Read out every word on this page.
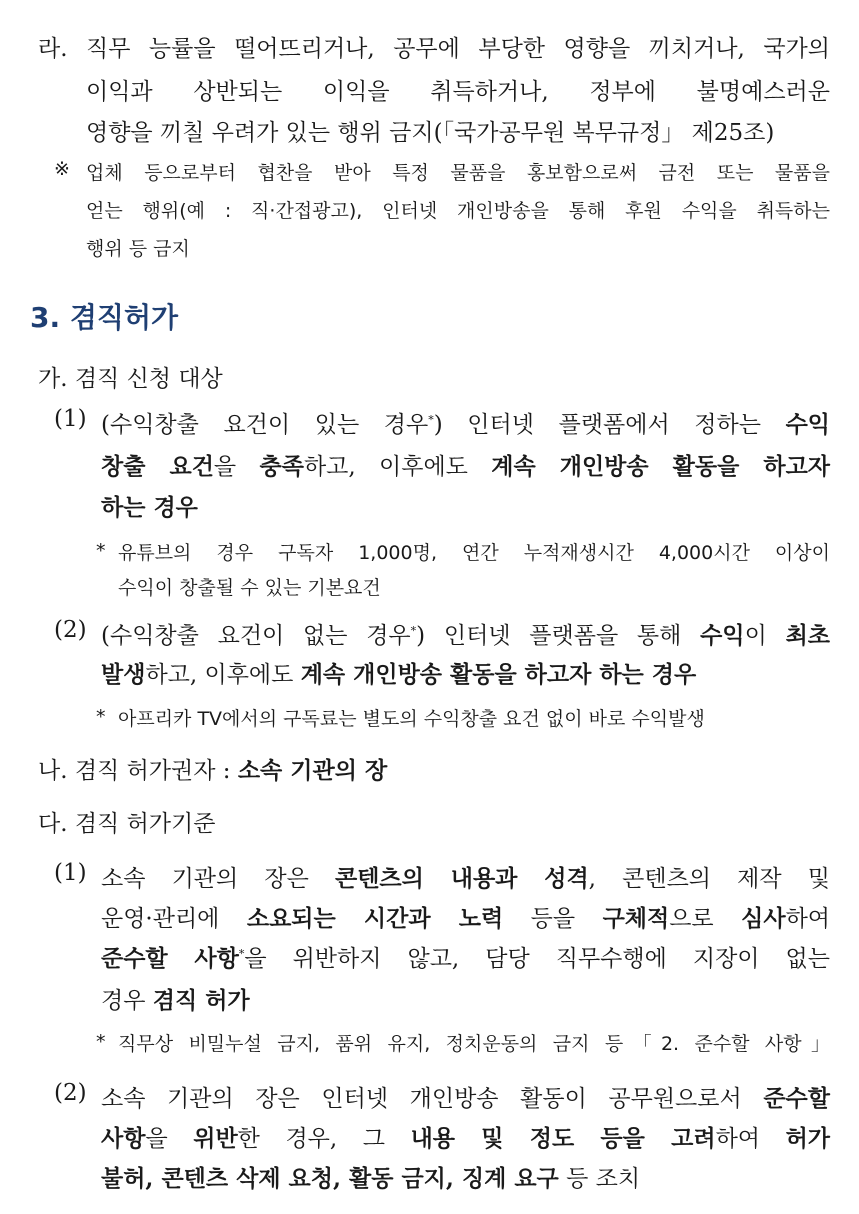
라. 직무 능률을 떨어뜨리거나, 공무에 부당한 영향을 끼치거나, 국가의
이익과 상반되는 이익을 취득하거나, 정부에 불명예스러운
영향을 끼칠 우려가 있는 행위 금지(「국가공무원 복무규정」 제25조)
※ 업체 등으로부터 협찬을 받아 특정 물품을 홍보함으로써 금전 또는 물품을
얻는 행위(예 : 직·간접광고), 인터넷 개인방송을 통해 후원 수익을 취득하는
행위 등 금지
3. 겸직허가
가. 겸직 신청 대상
(1) (수익창출 요건이 있는 경우*) 인터넷 플랫폼에서 정하는 수익
창출 요건을 충족하고, 이후에도 계속 개인방송 활동을 하고자
하는 경우
* 유튜브의 경우 구독자 1,000명, 연간 누적재생시간 4,000시간 이상이
수익이 창출될 수 있는 기본요건
(2) (수익창출 요건이 없는 경우*) 인터넷 플랫폼을 통해 수익이 최초
발생하고, 이후에도 계속 개인방송 활동을 하고자 하는 경우
* 아프리카 TV에서의 구독료는 별도의 수익창출 요건 없이 바로 수익발생
나. 겸직 허가권자 : 소속 기관의 장
다. 겸직 허가기준
(1) 소속 기관의 장은 콘텐츠의 내용과 성격, 콘텐츠의 제작 및
운영·관리에 소요되는 시간과 노력 등을 구체적으로 심사하여
준수할 사항*을 위반하지 않고, 담당 직무수행에 지장이 없는
경우 겸직 허가
* 직무상 비밀누설 금지, 품위 유지, 정치운동의 금지 등「2. 준수할 사항」
(2) 소속 기관의 장은 인터넷 개인방송 활동이 공무원으로서 준수할
사항을 위반한 경우, 그 내용 및 정도 등을 고려하여 허가
불허, 콘텐츠 삭제 요청, 활동 금지, 징계 요구 등 조치
